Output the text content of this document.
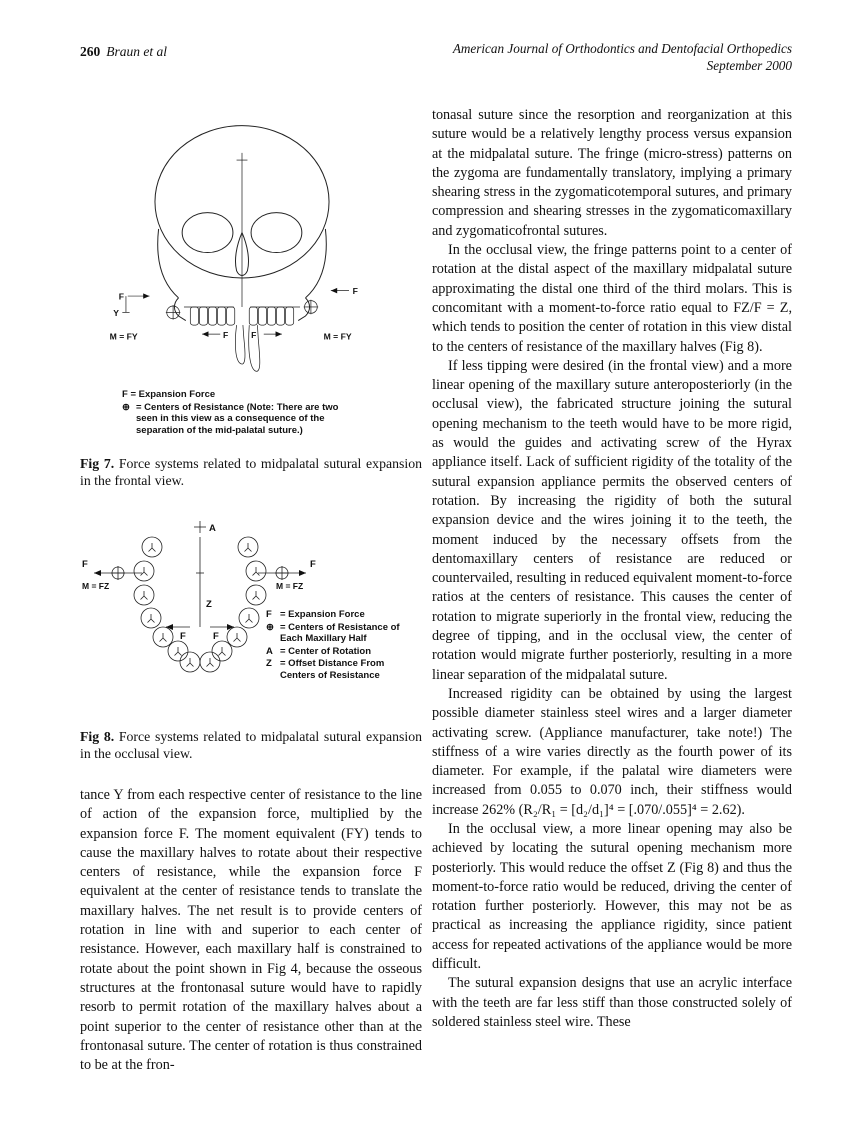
260 Braun et al	American Journal of Orthodontics and Dentofacial Orthopedics
September 2000
F
Y
M = FY	F F
F
M = FY
F = Expansion Force
⊕ = Centers of Resistance (Note: There are two seen in this view as a consequence of the separation of the mid-palatal suture.)

Fig 7. Force systems related to midpalatal sutural expansion in the frontal view.

A
Z
F
M = FZ
F
M = FZ
F	F
F = Expansion Force
⊕ = Centers of Resistance of Each Maxillary Half
A = Center of Rotation
Z = Offset Distance From Centers of Resistance

Fig 8. Force systems related to midpalatal sutural expansion in the occlusal view.

tance Y from each respective center of resistance to the line of action of the expansion force, multiplied by the expansion force F. The moment equivalent (FY) tends to cause the maxillary halves to rotate about their respective centers of resistance, while the expansion force F equivalent at the center of resistance tends to translate the maxillary halves. The net result is to provide centers of rotation in line with and superior to each center of resistance. However, each maxillary half is constrained to rotate about the point shown in Fig 4, because the osseous structures at the frontonasal suture would have to rapidly resorb to permit rotation of the maxillary halves about a point superior to the center of resistance other than at the frontonasal suture. The center of rotation is thus constrained to be at the fron-

tonasal suture since the resorption and reorganization at this suture would be a relatively lengthy process versus expansion at the midpalatal suture. The fringe (micro-stress) patterns on the zygoma are fundamentally translatory, implying a primary shearing stress in the zygomaticotemporal sutures, and primary compression and shearing stresses in the zygomaticomaxillary and zygomaticofrontal sutures.

In the occlusal view, the fringe patterns point to a center of rotation at the distal aspect of the maxillary midpalatal suture approximating the distal one third of the third molars. This is concomitant with a moment-to-force ratio equal to FZ/F = Z, which tends to position the center of rotation in this view distal to the centers of resistance of the maxillary halves (Fig 8).

If less tipping were desired (in the frontal view) and a more linear opening of the maxillary suture anteroposteriorly (in the occlusal view), the fabricated structure joining the sutural opening mechanism to the teeth would have to be more rigid, as would the guides and activating screw of the Hyrax appliance itself. Lack of sufficient rigidity of the totality of the sutural expansion appliance permits the observed centers of rotation. By increasing the rigidity of both the sutural expansion device and the wires joining it to the teeth, the moment induced by the necessary offsets from the dentomaxillary centers of resistance are reduced or countervailed, resulting in reduced equivalent moment-to-force ratios at the centers of resistance. This causes the center of rotation to migrate superiorly in the frontal view, reducing the degree of tipping, and in the occlusal view, the center of rotation would migrate further posteriorly, resulting in a more linear separation of the midpalatal suture.

Increased rigidity can be obtained by using the largest possible diameter stainless steel wires and a larger diameter activating screw. (Appliance manufacturer, take note!) The stiffness of a wire varies directly as the fourth power of its diameter. For example, if the palatal wire diameters were increased from 0.055 to 0.070 inch, their stiffness would increase 262% (R₂/R₁ = [d₂/d₁]⁴ = [.070/.055]⁴ = 2.62).

In the occlusal view, a more linear opening may also be achieved by locating the sutural opening mechanism more posteriorly. This would reduce the offset Z (Fig 8) and thus the moment-to-force ratio would be reduced, driving the center of rotation further posteriorly. However, this may not be as practical as increasing the appliance rigidity, since patient access for repeated activations of the appliance would be more difficult.

The sutural expansion designs that use an acrylic interface with the teeth are far less stiff than those constructed solely of soldered stainless steel wire. These
